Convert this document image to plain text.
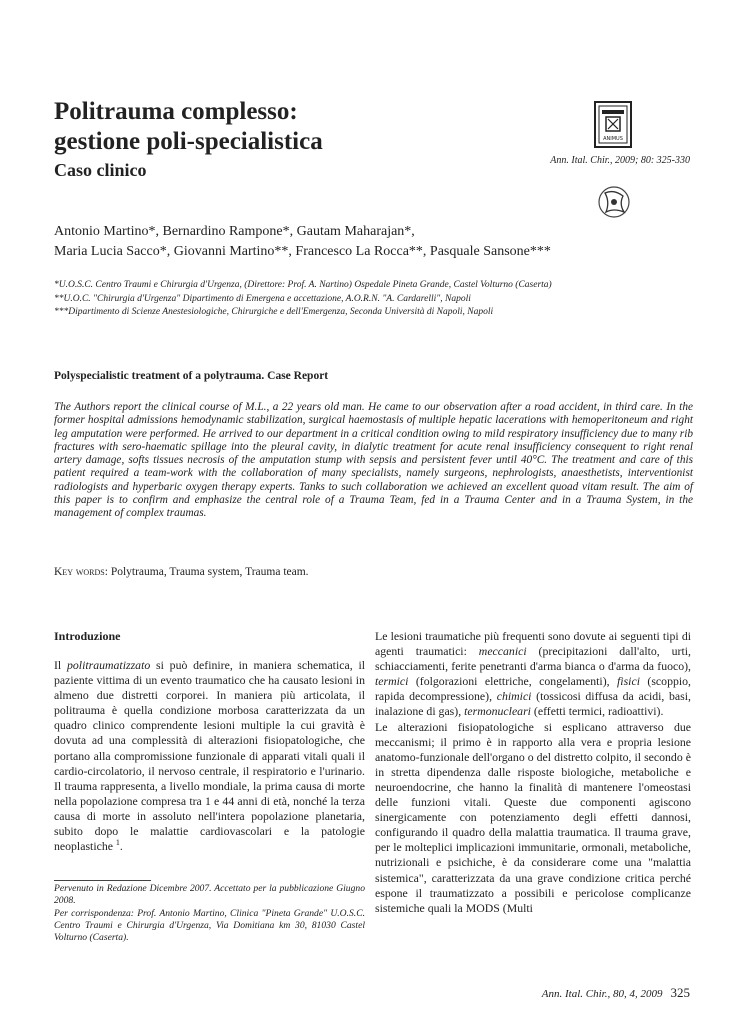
Politrauma complesso:
gestione poli-specialistica
Caso clinico
ANIMUS
Ann. Ital. Chir., 2009; 80: 325-330
Antonio Martino*, Bernardino Rampone*, Gautam Maharajan*,
Maria Lucia Sacco*, Giovanni Martino**, Francesco La Rocca**, Pasquale Sansone***
*U.O.S.C. Centro Traumi e Chirurgia d'Urgenza, (Direttore: Prof. A. Nartino) Ospedale Pineta Grande, Castel Volturno (Caserta)
**U.O.C. "Chirurgia d'Urgenza" Dipartimento di Emergena e accettazione, A.O.R.N. "A. Cardarelli", Napoli
***Dipartimento di Scienze Anestesiologiche, Chirurgiche e dell'Emergenza, Seconda Università di Napoli, Napoli
Polyspecialistic treatment of a polytrauma. Case Report
The Authors report the clinical course of M.L., a 22 years old man. He came to our observation after a road accident, in third care. In the former hospital admissions hemodynamic stabilization, surgical haemostasis of multiple hepatic lacerations with hemoperitoneum and right leg amputation were performed. He arrived to our department in a critical condition owing to mild respiratory insufficiency due to many rib fractures with sero-haematic spillage into the pleural cavity, in dialytic treatment for acute renal insufficiency consequent to right renal artery damage, softs tissues necrosis of the amputation stump with sepsis and persistent fever until 40°C. The treatment and care of this patient required a team-work with the collaboration of many specialists, namely surgeons, nephrologists, anaesthetists, interventionist radiologists and hyperbaric oxygen therapy experts. Tanks to such collaboration we achieved an excellent quoad vitam result. The aim of this paper is to confirm and emphasize the central role of a Trauma Team, fed in a Trauma Center and in a Trauma System, in the management of complex traumas.
Key words: Polytrauma, Trauma system, Trauma team.
Introduzione

Il politraumatizzato si può definire, in maniera schematica, il paziente vittima di un evento traumatico che ha causato lesioni in almeno due distretti corporei. In maniera più articolata, il politrauma è quella condizione morbosa caratterizzata da un quadro clinico comprendente lesioni multiple la cui gravità è dovuta ad una complessità di alterazioni fisiopatologiche, che portano alla compromissione funzionale di apparati vitali quali il cardio-circolatorio, il nervoso centrale, il respiratorio e l'urinario. Il trauma rappresenta, a livello mondiale, la prima causa di morte nella popolazione compresa tra 1 e 44 anni di età, nonché la terza causa di morte in assoluto nell'intera popolazione planetaria, subito dopo le malattie cardiovascolari e la patologie neoplastiche $^1$.

Pervenuto in Redazione Dicembre 2007. Accettato per la pubblicazione Giugno 2008.

Per corrispondenza: Prof. Antonio Martino, Clinica "Pineta Grande" U.O.S.C. Centro Traumi e Chirurgia d'Urgenza, Via Domitiana km 30, 81030 Castel Volturno (Caserta).

Le lesioni traumatiche più frequenti sono dovute ai seguenti tipi di agenti traumatici: meccanici (precipitazioni dall'alto, urti, schiacciamenti, ferite penetranti d'arma bianca o d'arma da fuoco), termici (folgorazioni elettriche, congelamenti), fisici (scoppio, rapida decompressione), chimici (tossicosi diffusa da acidi, basi, inalazione di gas), termonucleari (effetti termici, radioattivi).

Le alterazioni fisiopatologiche si esplicano attraverso due meccanismi; il primo è in rapporto alla vera e propria lesione anatomo-funzionale dell'organo o del distretto colpito, il secondo è in stretta dipendenza dalle risposte biologiche, metaboliche e neuroendocrine, che hanno la finalità di mantenere l'omeostasi delle funzioni vitali. Queste due componenti agiscono sinergicamente con potenziamento degli effetti dannosi, configurando il quadro della malattia traumatica. Il trauma grave, per le molteplici implicazioni immunitarie, ormonali, metaboliche, nutrizionali e psichiche, è da considerare come una "malattia sistemica", caratterizzata da una grave condizione critica perché espone il traumatizzato a possibili e pericolose complicanze sistemiche quali la MODS (Multi

Ann. Ital. Chir., 80, 4, 2009 325
